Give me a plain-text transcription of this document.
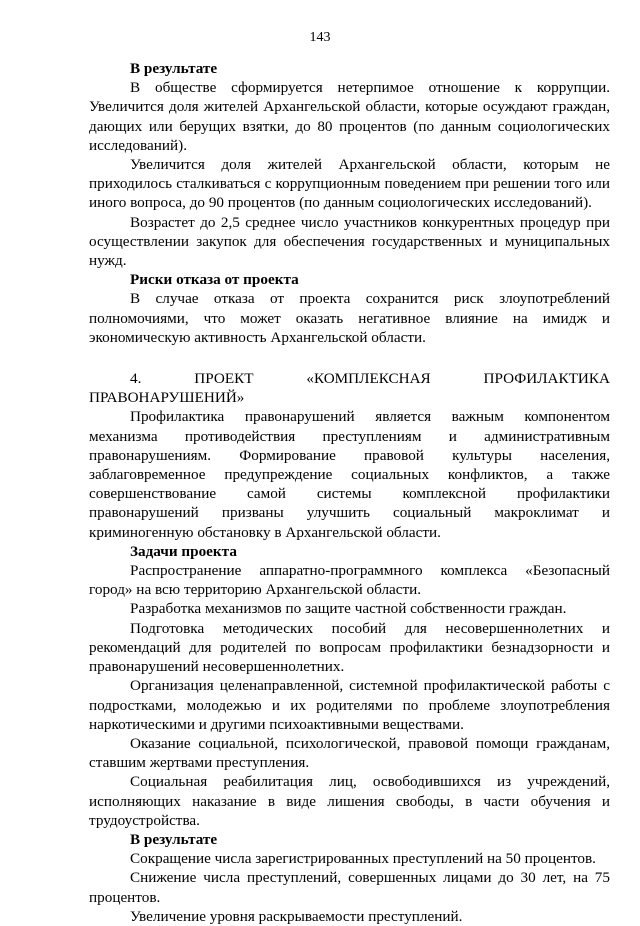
143

В результате

В обществе сформируется нетерпимое отношение к коррупции. Увеличится доля жителей Архангельской области, которые осуждают граждан, дающих или берущих взятки, до 80 процентов (по данным социологических исследований).

Увеличится доля жителей Архангельской области, которым не приходилось сталкиваться с коррупционным поведением при решении того или иного вопроса, до 90 процентов (по данным социологических исследований).

Возрастет до 2,5 среднее число участников конкурентных процедур при осуществлении закупок для обеспечения государственных и муниципальных нужд.

Риски отказа от проекта

В случае отказа от проекта сохранится риск злоупотреблений полномочиями, что может оказать негативное влияние на имидж и экономическую активность Архангельской области.

4. ПРОЕКТ «КОМПЛЕКСНАЯ ПРОФИЛАКТИКА ПРАВОНАРУШЕНИЙ»

Профилактика правонарушений является важным компонентом механизма противодействия преступлениям и административным правонарушениям. Формирование правовой культуры населения, заблаговременное предупреждение социальных конфликтов, а также совершенствование самой системы комплексной профилактики правонарушений призваны улучшить социальный макроклимат и криминогенную обстановку в Архангельской области.

Задачи проекта

Распространение аппаратно-программного комплекса «Безопасный город» на всю территорию Архангельской области.

Разработка механизмов по защите частной собственности граждан.

Подготовка методических пособий для несовершеннолетних и рекомендаций для родителей по вопросам профилактики безнадзорности и правонарушений несовершеннолетних.

Организация целенаправленной, системной профилактической работы с подростками, молодежью и их родителями по проблеме злоупотребления наркотическими и другими психоактивными веществами.

Оказание социальной, психологической, правовой помощи гражданам, ставшим жертвами преступления.

Социальная реабилитация лиц, освободившихся из учреждений, исполняющих наказание в виде лишения свободы, в части обучения и трудоустройства.

В результате

Сокращение числа зарегистрированных преступлений на 50 процентов.

Снижение числа преступлений, совершенных лицами до 30 лет, на 75 процентов.

Увеличение уровня раскрываемости преступлений.
